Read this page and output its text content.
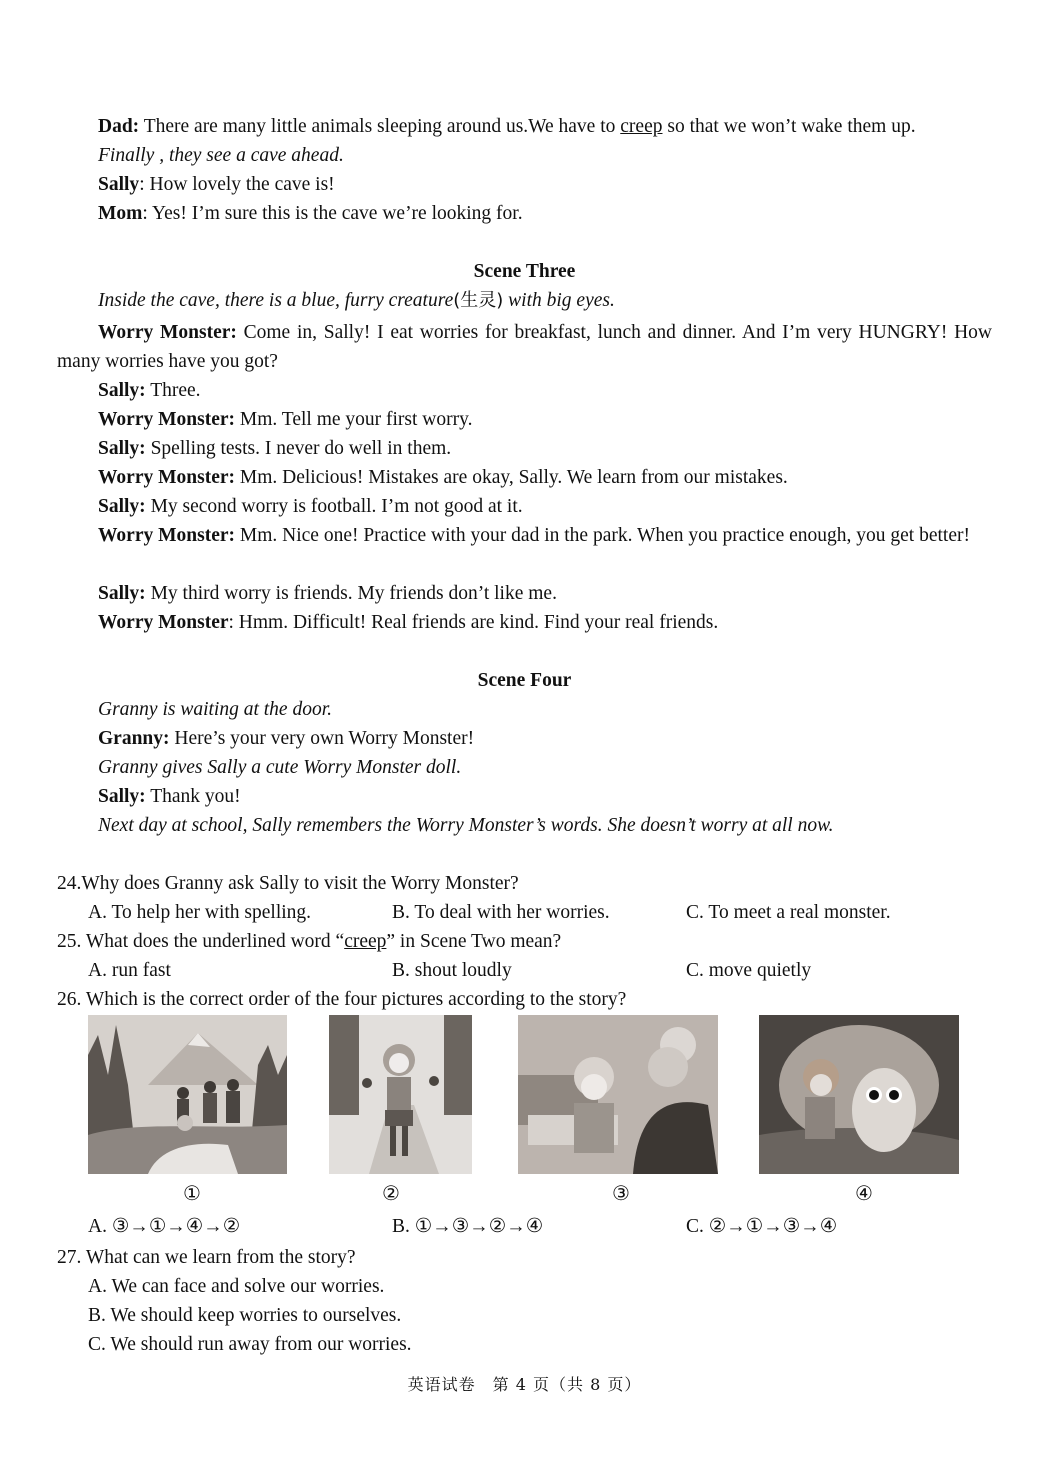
Dad: There are many little animals sleeping around us.We have to creep so that we won’t wake them up.
Finally , they see a cave ahead.
Sally: How lovely the cave is!
Mom: Yes! I’m sure this is the cave we’re looking for.
Scene Three
Inside the cave, there is a blue, furry creature(生灵) with big eyes.
Worry Monster: Come in, Sally! I eat worries for breakfast, lunch and dinner. And I’m very HUNGRY! How many worries have you got?
Sally: Three.
Worry Monster: Mm. Tell me your first worry.
Sally: Spelling tests. I never do well in them.
Worry Monster: Mm. Delicious! Mistakes are okay, Sally. We learn from our mistakes.
Sally: My second worry is football. I’m not good at it.
Worry Monster: Mm. Nice one! Practice with your dad in the park. When you practice enough, you get better!
Sally: My third worry is friends. My friends don’t like me.
Worry Monster: Hmm. Difficult! Real friends are kind. Find your real friends.
Scene Four
Granny is waiting at the door.
Granny: Here’s your very own Worry Monster!
Granny gives Sally a cute Worry Monster doll.
Sally: Thank you!
Next day at school, Sally remembers the Worry Monster’s words. She doesn’t worry at all now.
24.Why does Granny ask Sally to visit the Worry Monster?
A. To help her with spelling.	B. To deal with her worries.	C. To meet a real monster.
25. What does the underlined word “creep” in Scene Two mean?
A. run fast	B. shout loudly	C. move quietly
26. Which is the correct order of the four pictures according to the story?
①	②	③	④
A. ③→①→④→②	B. ①→③→②→④	C. ②→①→③→④
27. What can we learn from the story?
A. We can face and solve our worries.
B. We should keep worries to ourselves.
C. We should run away from our worries.
英语试卷　第 4 页（共 8 页）
